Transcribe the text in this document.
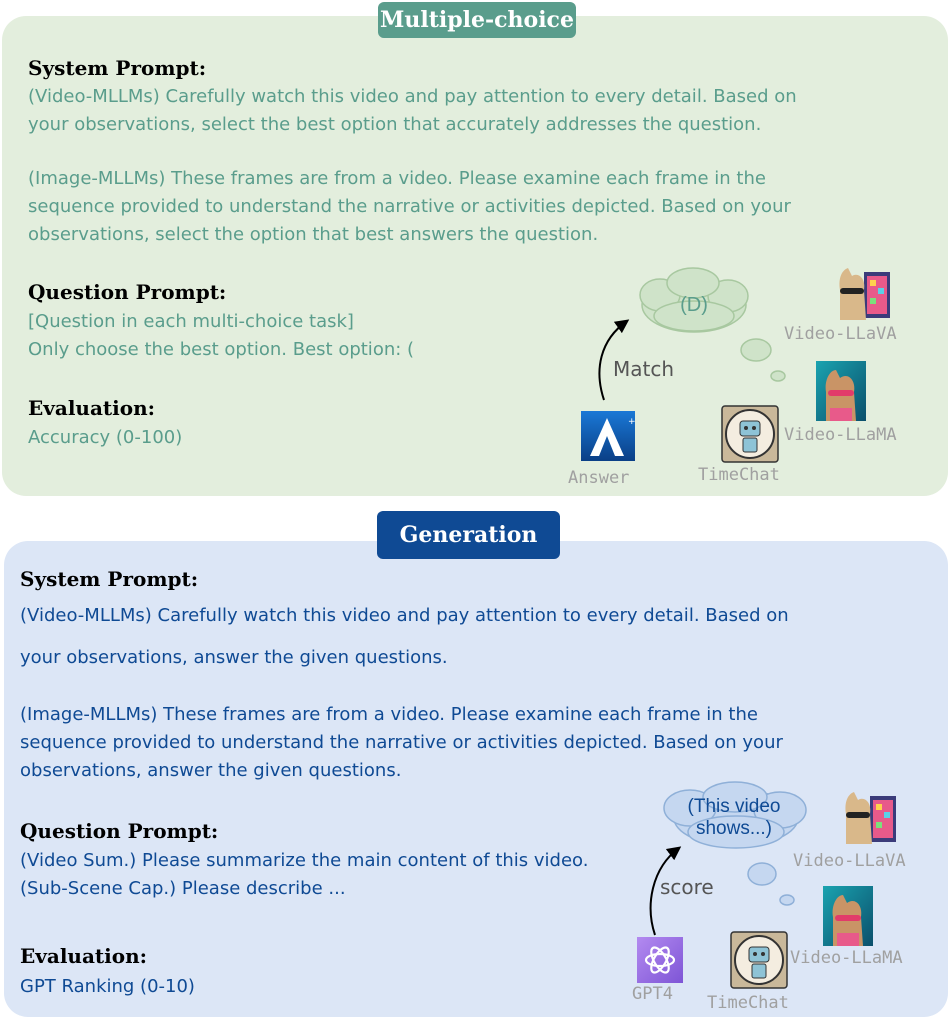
Multiple-choice
System Prompt:
(Video-MLLMs) Carefully watch this video and pay attention to every detail. Based on
your observations, select the best option that accurately addresses the question.
(Image-MLLMs) These frames are from a video. Please examine each frame in the
sequence provided to understand the narrative or activities depicted. Based on your
observations, select the option that best answers the question.
Question Prompt:
[Question in each multi-choice task]
Only choose the best option. Best option: (
Evaluation:
Accuracy (0-100)
Generation
System Prompt:
(Video-MLLMs) Carefully watch this video and pay attention to every detail. Based on
your observations, answer the given questions.
(Image-MLLMs) These frames are from a video. Please examine each frame in the
sequence provided to understand the narrative or activities depicted. Based on your
observations, answer the given questions.
Question Prompt:
(Video Sum.) Please summarize the main content of this video.
(Sub-Scene Cap.) Please describe ...
Evaluation:
GPT Ranking (0-10)
(D)
+
(This video
shows...)
Match
Answer
Video-LLaVA
Video-LLaMA
TimeChat
score
GPT4
Video-LLaVA
Video-LLaMA
TimeChat
